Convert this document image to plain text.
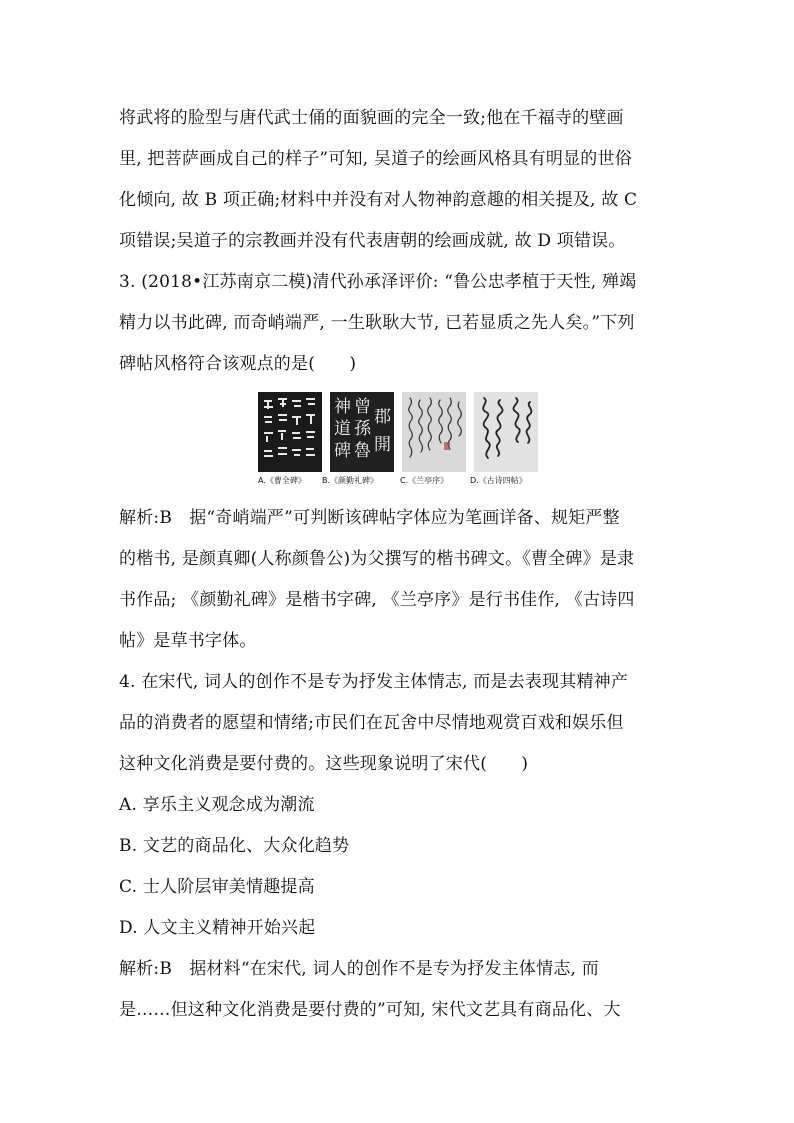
将武将的脸型与唐代武士俑的面貌画的完全一致;他在千福寺的壁画
里, 把菩萨画成自己的样子”可知, 吴道子的绘画风格具有明显的世俗
化倾向, 故 B 项正确;材料中并没有对人物神韵意趣的相关提及, 故 C
项错误;吴道子的宗教画并没有代表唐朝的绘画成就, 故 D 项错误。
3. (2018•江苏南京二模)清代孙承泽评价: “鲁公忠孝植于天性, 殚竭
精力以书此碑, 而奇峭端严, 一生耿耿大节, 已若显质之先人矣。”下列
碑帖风格符合该观点的是(　　)
神
道
碑
曾
孫
魯
郡
開
A.《曹全碑》 B.《颜勤礼碑》	C.《兰亭序》	D.《古诗四帖》
解析:B　据“奇峭端严”可判断该碑帖字体应为笔画详备、规矩严整
的楷书, 是颜真卿(人称颜鲁公)为父撰写的楷书碑文。《曹全碑》是隶
书作品; 《颜勤礼碑》是楷书字碑, 《兰亭序》是行书佳作, 《古诗四
帖》是草书字体。
4. 在宋代, 词人的创作不是专为抒发主体情志, 而是去表现其精神产
品的消费者的愿望和情绪;市民们在瓦舍中尽情地观赏百戏和娱乐但
这种文化消费是要付费的。这些现象说明了宋代(　　)
A. 享乐主义观念成为潮流
B. 文艺的商品化、大众化趋势
C. 士人阶层审美情趣提高
D. 人文主义精神开始兴起
解析:B　据材料“在宋代, 词人的创作不是专为抒发主体情志, 而
是……但这种文化消费是要付费的”可知, 宋代文艺具有商品化、大
